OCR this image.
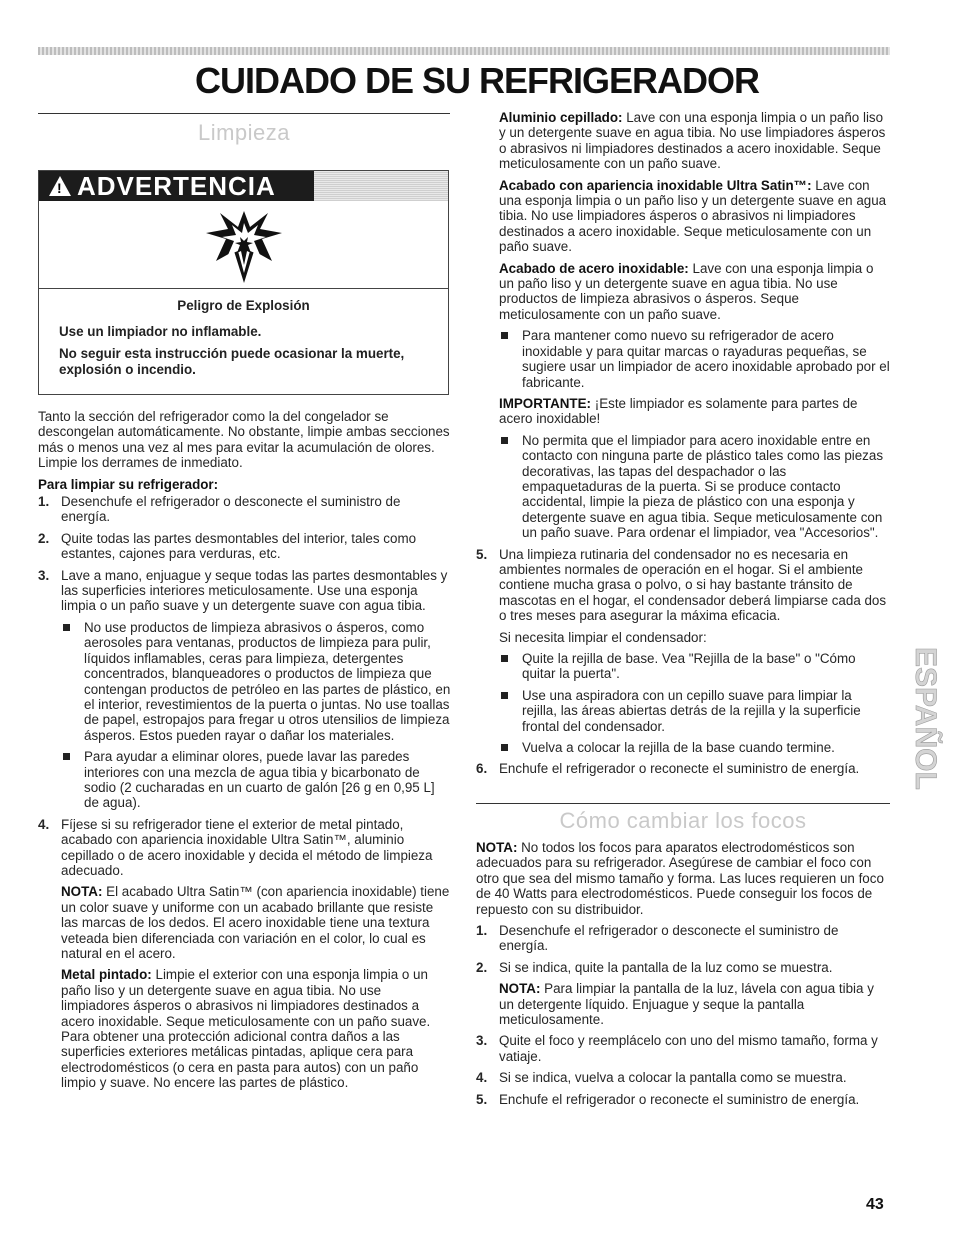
CUIDADO DE SU REFRIGERADOR
Limpieza
! ADVERTENCIA
Peligro de Explosión
Use un limpiador no inflamable.
No seguir esta instrucción puede ocasionar la muerte, explosión o incendio.

Tanto la sección del refrigerador como la del congelador se descongelan automáticamente. No obstante, limpie ambas secciones más o menos una vez al mes para evitar la acumulación de olores. Limpie los derrames de inmediato.

Para limpiar su refrigerador:
1. Desenchufe el refrigerador o desconecte el suministro de energía.
2. Quite todas las partes desmontables del interior, tales como estantes, cajones para verduras, etc.
3. Lave a mano, enjuague y seque todas las partes desmontables y las superficies interiores meticulosamente. Use una esponja limpia o un paño suave y un detergente suave con agua tibia.
No use productos de limpieza abrasivos o ásperos, como aerosoles para ventanas, productos de limpieza para pulir, líquidos inflamables, ceras para limpieza, detergentes concentrados, blanqueadores o productos de limpieza que contengan productos de petróleo en las partes de plástico, en el interior, revestimientos de la puerta o juntas. No use toallas de papel, estropajos para fregar u otros utensilios de limpieza ásperos. Estos pueden rayar o dañar los materiales.
Para ayudar a eliminar olores, puede lavar las paredes interiores con una mezcla de agua tibia y bicarbonato de sodio (2 cucharadas en un cuarto de galón [26 g en 0,95 L] de agua).
4. Fíjese si su refrigerador tiene el exterior de metal pintado, acabado con apariencia inoxidable Ultra Satin™, aluminio cepillado o de acero inoxidable y decida el método de limpieza adecuado.

NOTA: El acabado Ultra Satin™ (con apariencia inoxidable) tiene un color suave y uniforme con un acabado brillante que resiste las marcas de los dedos. El acero inoxidable tiene una textura veteada bien diferenciada con variación en el color, lo cual es natural en el acero.

Metal pintado: Limpie el exterior con una esponja limpia o un paño liso y un detergente suave en agua tibia. No use limpiadores ásperos o abrasivos ni limpiadores destinados a acero inoxidable. Seque meticulosamente con un paño suave. Para obtener una protección adicional contra daños a las superficies exteriores metálicas pintadas, aplique cera para electrodomésticos (o cera en pasta para autos) con un paño limpio y suave. No encere las partes de plástico.

Aluminio cepillado: Lave con una esponja limpia o un paño liso y un detergente suave en agua tibia. No use limpiadores ásperos o abrasivos ni limpiadores destinados a acero inoxidable. Seque meticulosamente con un paño suave.

Acabado con apariencia inoxidable Ultra Satin™: Lave con una esponja limpia o un paño liso y un detergente suave en agua tibia. No use limpiadores ásperos o abrasivos ni limpiadores destinados a acero inoxidable. Seque meticulosamente con un paño suave.

Acabado de acero inoxidable: Lave con una esponja limpia o un paño liso y un detergente suave en agua tibia. No use productos de limpieza abrasivos o ásperos. Seque meticulosamente con un paño suave.

Para mantener como nuevo su refrigerador de acero inoxidable y para quitar marcas o rayaduras pequeñas, se sugiere usar un limpiador de acero inoxidable aprobado por el fabricante.

IMPORTANTE: ¡Este limpiador es solamente para partes de acero inoxidable!

No permita que el limpiador para acero inoxidable entre en contacto con ninguna parte de plástico tales como las piezas decorativas, las tapas del despachador o las empaquetaduras de la puerta. Si se produce contacto accidental, limpie la pieza de plástico con una esponja y detergente suave en agua tibia. Seque meticulosamente con un paño suave. Para ordenar el limpiador, vea "Accesorios".
5. Una limpieza rutinaria del condensador no es necesaria en ambientes normales de operación en el hogar. Si el ambiente contiene mucha grasa o polvo, o si hay bastante tránsito de mascotas en el hogar, el condensador deberá limpiarse cada dos o tres meses para asegurar la máxima eficacia.

Si necesita limpiar el condensador:

Quite la rejilla de base. Vea "Rejilla de la base" o "Cómo quitar la puerta".
Use una aspiradora con un cepillo suave para limpiar la rejilla, las áreas abiertas detrás de la rejilla y la superficie frontal del condensador.
Vuelva a colocar la rejilla de la base cuando termine.
6. Enchufe el refrigerador o reconecte el suministro de energía.
Cómo cambiar los focos

NOTA: No todos los focos para aparatos electrodomésticos son adecuados para su refrigerador. Asegúrese de cambiar el foco con otro que sea del mismo tamaño y forma. Las luces requieren un foco de 40 Watts para electrodomésticos. Puede conseguir los focos de repuesto con su distribuidor.

1. Desenchufe el refrigerador o desconecte el suministro de energía.
2. Si se indica, quite la pantalla de la luz como se muestra.

NOTA: Para limpiar la pantalla de la luz, lávela con agua tibia y un detergente líquido. Enjuague y seque la pantalla meticulosamente.

3. Quite el foco y reemplácelo con uno del mismo tamaño, forma y vatiaje.
4. Si se indica, vuelva a colocar la pantalla como se muestra.
5. Enchufe el refrigerador o reconecte el suministro de energía.
ESPAÑOL
43
